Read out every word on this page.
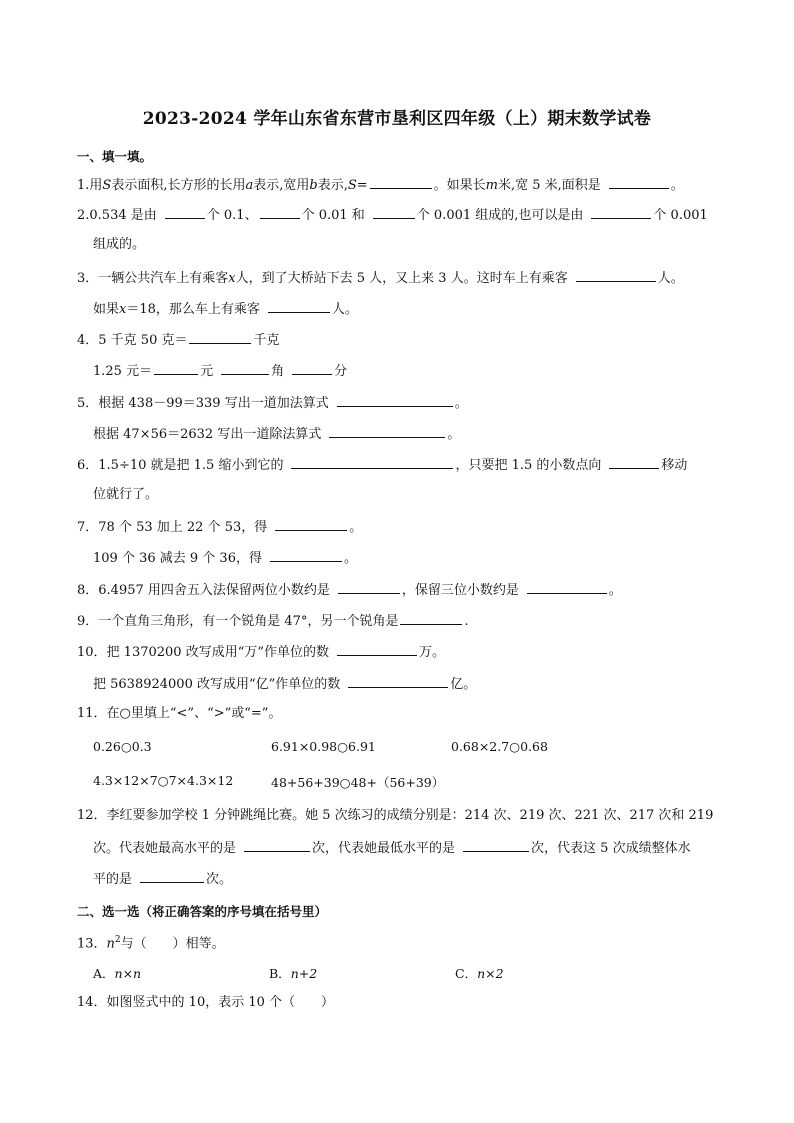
2023-2024 学年山东省东营市垦利区四年级（上）期末数学试卷
一、填一填。
1.用S表示面积,长方形的长用a表示,宽用b表示,S=	。如果长m米,宽 5 米,面积是	。
2.0.534 是由	个 0.1、	个 0.01 和	个 0.001 组成的,也可以是由	个 0.001
组成的。
3．一辆公共汽车上有乘客x人，到了大桥站下去 5 人，又上来 3 人。这时车上有乘客	人。
如果x＝18，那么车上有乘客	人。
4．5 千克 50 克＝	千克
1.25 元＝	元	角	分
5．根据 438－99＝339 写出一道加法算式	。
根据 47×56＝2632 写出一道除法算式	。
6．1.5÷10 就是把 1.5 缩小到它的	，只要把 1.5 的小数点向	移动
位就行了。
7．78 个 53 加上 22 个 53，得	。
109 个 36 减去 9 个 36，得	。
8．6.4957 用四舍五入法保留两位小数约是	，保留三位小数约是	。
9．一个直角三角形，有一个锐角是 47°，另一个锐角是	.
10．把 1370200 改写成用“万”作单位的数	万。
把 5638924000 改写成用“亿”作单位的数	亿。
11．在○里填上“<”、“>”或“=”。
0.26○0.3	6.91×0.98○6.91	0.68×2.7○0.68
4.3×12×7○7×4.3×12	48+56+39○48+（56+39）
12．李红要参加学校 1 分钟跳绳比赛。她 5 次练习的成绩分别是：214 次、219 次、221 次、217 次和 219
次。代表她最高水平的是	次，代表她最低水平的是	次，代表这 5 次成绩整体水
平的是	次。
二、选一选（将正确答案的序号填在括号里）
13．$n^2$与（　　）相等。
A．n×n	B．n+2	C．n×2
14．如图竖式中的 10，表示 10 个（　　）
